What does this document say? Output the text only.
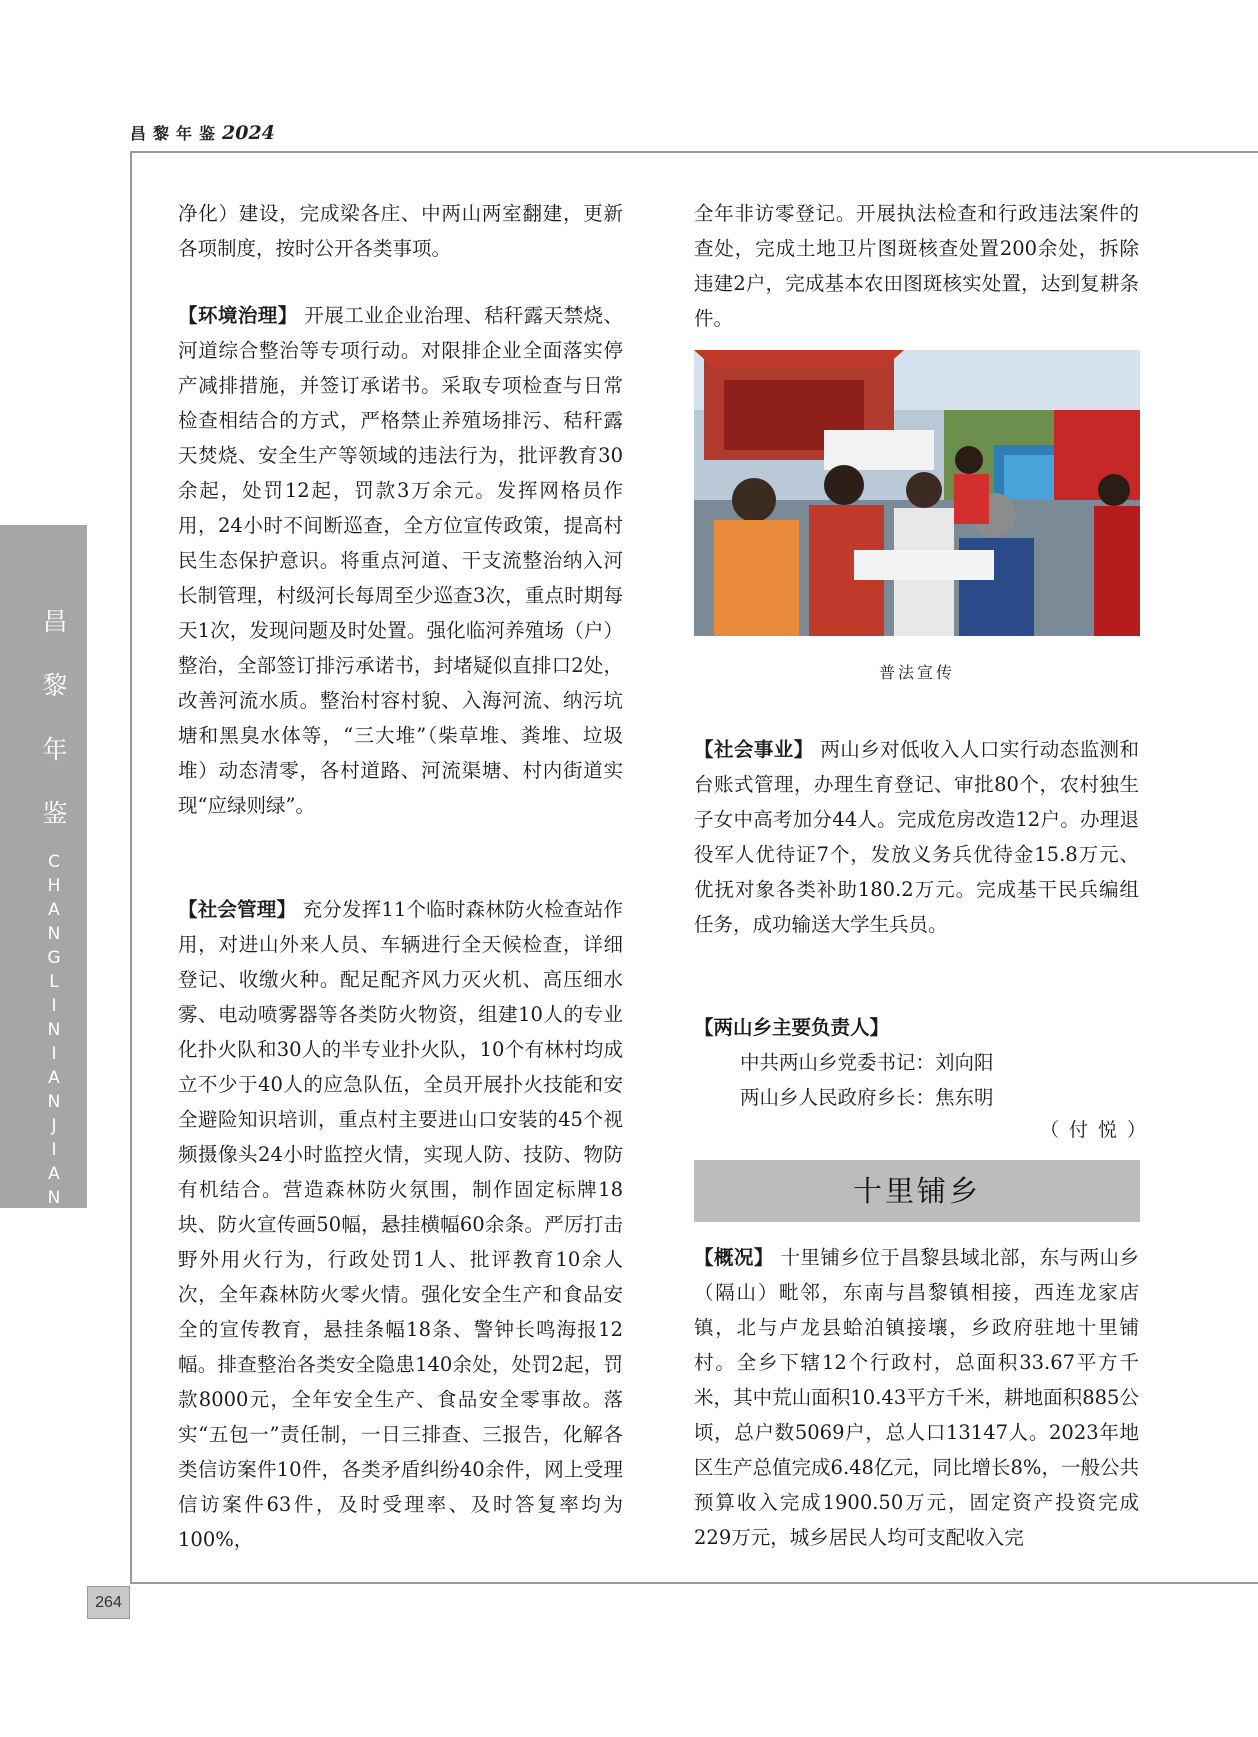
昌黎年鉴2024
昌
黎
年
鉴
C
H
A
N
G
L
I
N
I
A
N
J
I
A
N
264

净化）建设，完成梁各庄、中两山两室翻建，更新各项制度，按时公开各类事项。

【环境治理】 开展工业企业治理、秸秆露天禁烧、河道综合整治等专项行动。对限排企业全面落实停产减排措施，并签订承诺书。采取专项检查与日常检查相结合的方式，严格禁止养殖场排污、秸秆露天焚烧、安全生产等领域的违法行为，批评教育30余起，处罚12起，罚款3万余元。发挥网格员作用，24小时不间断巡查，全方位宣传政策，提高村民生态保护意识。将重点河道、干支流整治纳入河长制管理，村级河长每周至少巡查3次，重点时期每天1次，发现问题及时处置。强化临河养殖场（户）整治，全部签订排污承诺书，封堵疑似直排口2处，改善河流水质。整治村容村貌、入海河流、纳污坑塘和黑臭水体等，“三大堆”（柴草堆、粪堆、垃圾堆）动态清零，各村道路、河流渠塘、村内街道实现“应绿则绿”。

【社会管理】 充分发挥11个临时森林防火检查站作用，对进山外来人员、车辆进行全天候检查，详细登记、收缴火种。配足配齐风力灭火机、高压细水雾、电动喷雾器等各类防火物资，组建10人的专业化扑火队和30人的半专业扑火队，10个有林村均成立不少于40人的应急队伍，全员开展扑火技能和安全避险知识培训，重点村主要进山口安装的45个视频摄像头24小时监控火情，实现人防、技防、物防有机结合。营造森林防火氛围，制作固定标牌18块、防火宣传画50幅，悬挂横幅60余条。严厉打击野外用火行为，行政处罚1人、批评教育10余人次，全年森林防火零火情。强化安全生产和食品安全的宣传教育，悬挂条幅18条、警钟长鸣海报12幅。排查整治各类安全隐患140余处，处罚2起，罚款8000元，全年安全生产、食品安全零事故。落实“五包一”责任制，一日三排查、三报告，化解各类信访案件10件，各类矛盾纠纷40余件，网上受理信访案件63件，及时受理率、及时答复率均为100%，

全年非访零登记。开展执法检查和行政违法案件的查处，完成土地卫片图斑核查处置200余处，拆除违建2户，完成基本农田图斑核实处置，达到复耕条件。

普法宣传

【社会事业】 两山乡对低收入人口实行动态监测和台账式管理，办理生育登记、审批80个，农村独生子女中高考加分44人。完成危房改造12户。办理退役军人优待证7个，发放义务兵优待金15.8万元、优抚对象各类补助180.2万元。完成基干民兵编组任务，成功输送大学生兵员。

【两山乡主要负责人】

中共两山乡党委书记：刘向阳
两山乡人民政府乡长：焦东明
（付悦）
十里铺乡

【概况】 十里铺乡位于昌黎县域北部，东与两山乡（隔山）毗邻，东南与昌黎镇相接，西连龙家店镇，北与卢龙县蛤泊镇接壤，乡政府驻地十里铺村。全乡下辖12个行政村，总面积33.67平方千米，其中荒山面积10.43平方千米，耕地面积885公顷，总户数5069户，总人口13147人。2023年地区生产总值完成6.48亿元，同比增长8%，一般公共预算收入完成1900.50万元，固定资产投资完成229万元，城乡居民人均可支配收入完
